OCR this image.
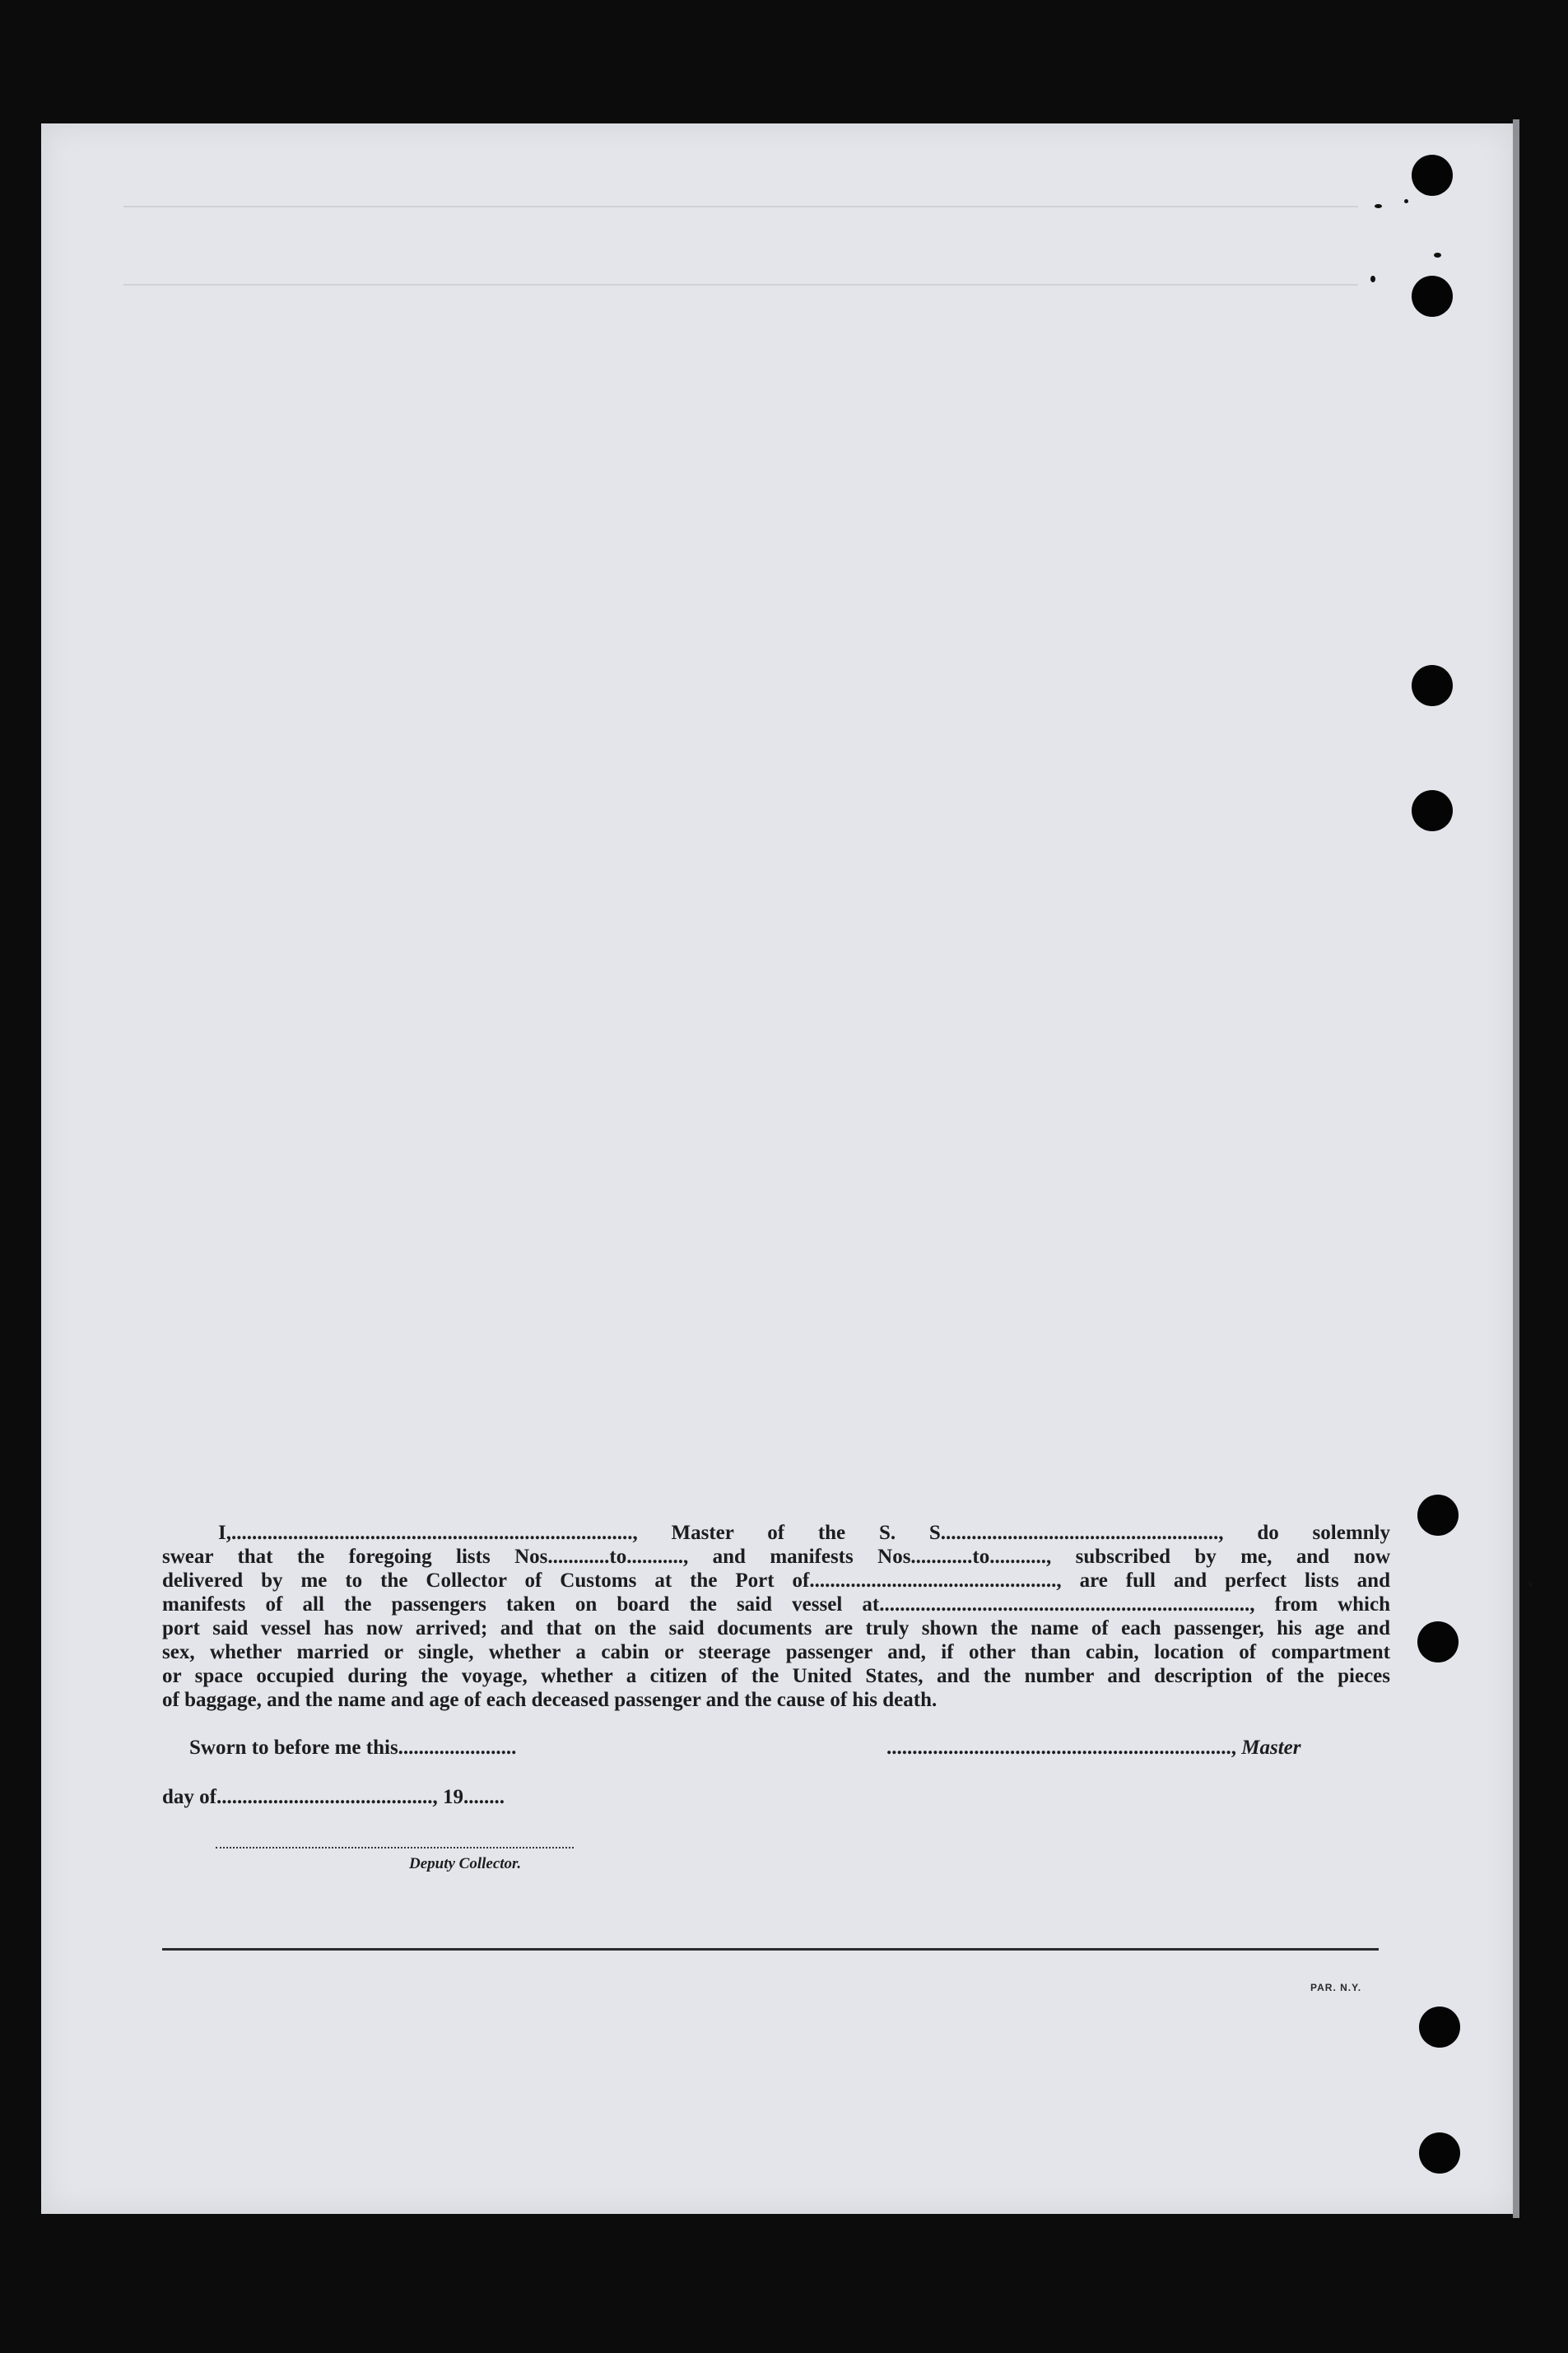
I,.............................................................................., Master of the S. S......................................................, do solemnly
swear that the foregoing lists Nos............to..........., and manifests Nos............to..........., subscribed by me, and now
delivered by me to the Collector of Customs at the Port of................................................, are full and perfect lists and
manifests of all the passengers taken on board the said vessel at........................................................................, from which
port said vessel has now arrived; and that on the said documents are truly shown the name of each passenger, his age and
sex, whether married or single, whether a cabin or steerage passenger and, if other than cabin, location of compartment
or space occupied during the voyage, whether a citizen of the United States, and the number and description of the pieces
of baggage, and the name and age of each deceased passenger and the cause of his death.
Sworn to before me this.......................	..................................................................., Master
day of.........................................., 19........
Deputy Collector.
PAR. N.Y.
